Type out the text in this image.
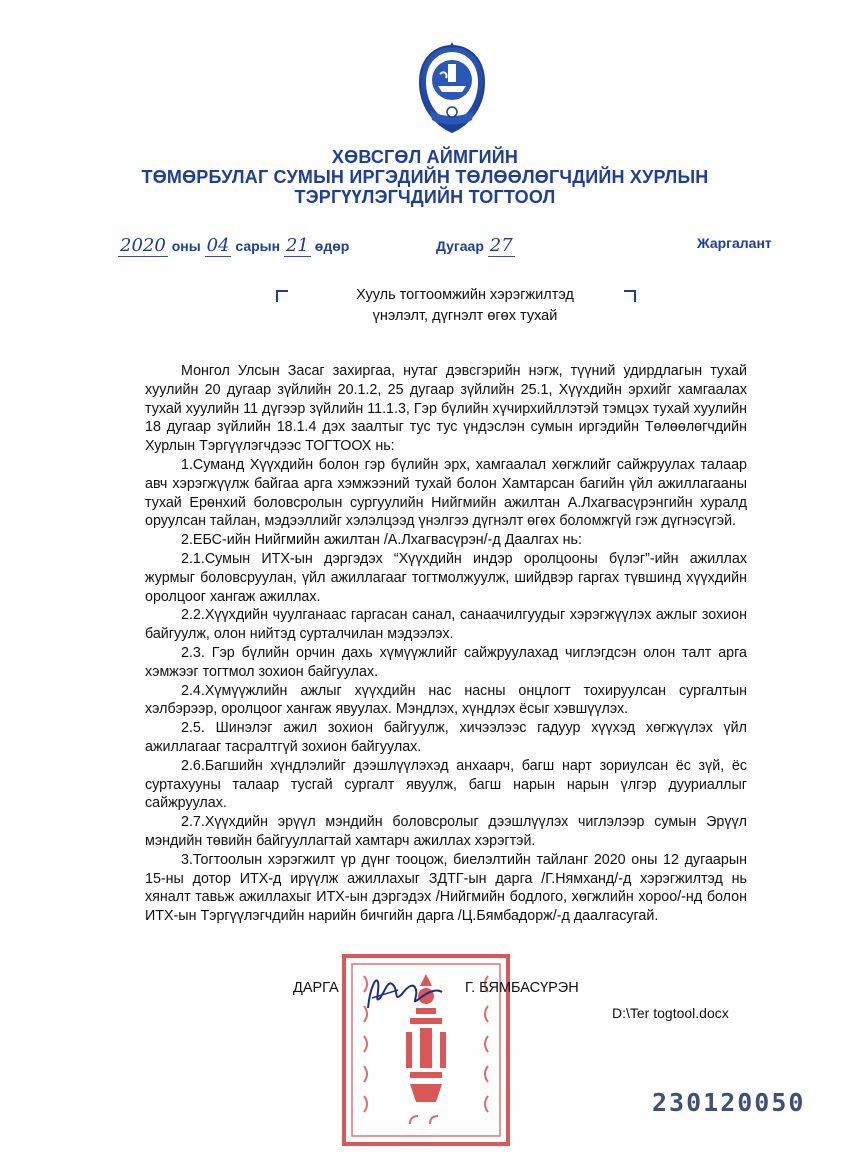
ХӨВСГӨЛ АЙМГИЙН
ТӨМӨРБУЛАГ СУМЫН ИРГЭДИЙН ТӨЛӨӨЛӨГЧДИЙН ХУРЛЫН
ТЭРГҮҮЛЭГЧДИЙН ТОГТООЛ
2020 оны 04 сарын 21 өдөр	Дугаар 27	Жаргалант
Хууль тогтоомжийн хэрэгжилтэд
үнэлэлт, дүгнэлт өгөх тухай

Монгол Улсын Засаг захиргаа, нутаг дэвсгэрийн нэгж, түүний удирдлагын тухай хуулийн 20 дугаар зүйлийн 20.1.2, 25 дугаар зүйлийн 25.1, Хүүхдийн эрхийг хамгаалах тухай хуулийн 11 дүгээр зүйлийн 11.1.3, Гэр бүлийн хүчирхийллэтэй тэмцэх тухай хуулийн 18 дугаар зүйлийн 18.1.4 дэх заалтыг тус тус үндэслэн сумын иргэдийн Төлөөлөгчдийн Хурлын Тэргүүлэгчдээс ТОГТООХ нь:

1.Суманд Хүүхдийн болон гэр бүлийн эрх, хамгаалал хөгжлийг сайжруулах талаар авч хэрэгжүүлж байгаа арга хэмжээний тухай болон Хамтарсан багийн үйл ажиллагааны тухай Ерөнхий боловсролын сургуулийн Нийгмийн ажилтан А.Лхагвасүрэнгийн хуралд оруулсан тайлан, мэдээллийг хэлэлцээд үнэлгээ дүгнэлт өгөх боломжгүй гэж дүгнэсүгэй.

2.ЕБС-ийн Нийгмийн ажилтан /А.Лхагвасүрэн/-д Даалгах нь:

2.1.Сумын ИТХ-ын дэргэдэх “Хүүхдийн индэр оролцооны бүлэг”-ийн ажиллах журмыг боловсруулан, үйл ажиллагааг тогтмолжуулж, шийдвэр гаргах түвшинд хүүхдийн оролцоог хангаж ажиллах.

2.2.Хүүхдийн чуулганаас гаргасан санал, санаачилгуудыг хэрэгжүүлэх ажлыг зохион байгуулж, олон нийтэд сурталчилан мэдээлэх.

2.3. Гэр бүлийн орчин дахь хүмүүжлийг сайжруулахад чиглэгдсэн олон талт арга хэмжээг тогтмол зохион байгуулах.

2.4.Хүмүүжлийн ажлыг хүүхдийн нас насны онцлогт тохируулсан сургалтын хэлбэрээр, оролцоог хангаж явуулах. Мэндлэх, хүндлэх ёсыг хэвшүүлэх.

2.5. Шинэлэг ажил зохион байгуулж, хичээлээс гадуур хүүхэд хөгжүүлэх үйл ажиллагааг тасралтгүй зохион байгуулах.

2.6.Багшийн хүндлэлийг дээшлүүлэхэд анхаарч, багш нарт зориулсан ёс зүй, ёс суртахууны талаар тусгай сургалт явуулж, багш нарын нарын үлгэр дууриаллыг сайжруулах.

2.7.Хүүхдийн эрүүл мэндийн боловсролыг дээшлүүлэх чиглэлээр сумын Эрүүл мэндийн төвийн байгууллагтай хамтарч ажиллах хэрэгтэй.

3.Тогтоолын хэрэгжилт үр дүнг тооцож, биелэлтийн тайланг 2020 оны 12 дугаарын 15-ны дотор ИТХ-д ирүүлж ажиллахыг ЗДТГ-ын дарга /Г.Нямханд/-д хэрэгжилтэд нь хяналт тавьж ажиллахыг ИТХ-ын дэргэдэх /Нийгмийн бодлого, хөгжлийн хороо/-нд болон ИТХ-ын Тэргүүлэгчдийн нарийн бичгийн дарга /Ц.Бямбадорж/-д даалгасугай.

ДАРГА	Г. БЯМБАСҮРЭН
D:\Ter togtool.docx
230120050
